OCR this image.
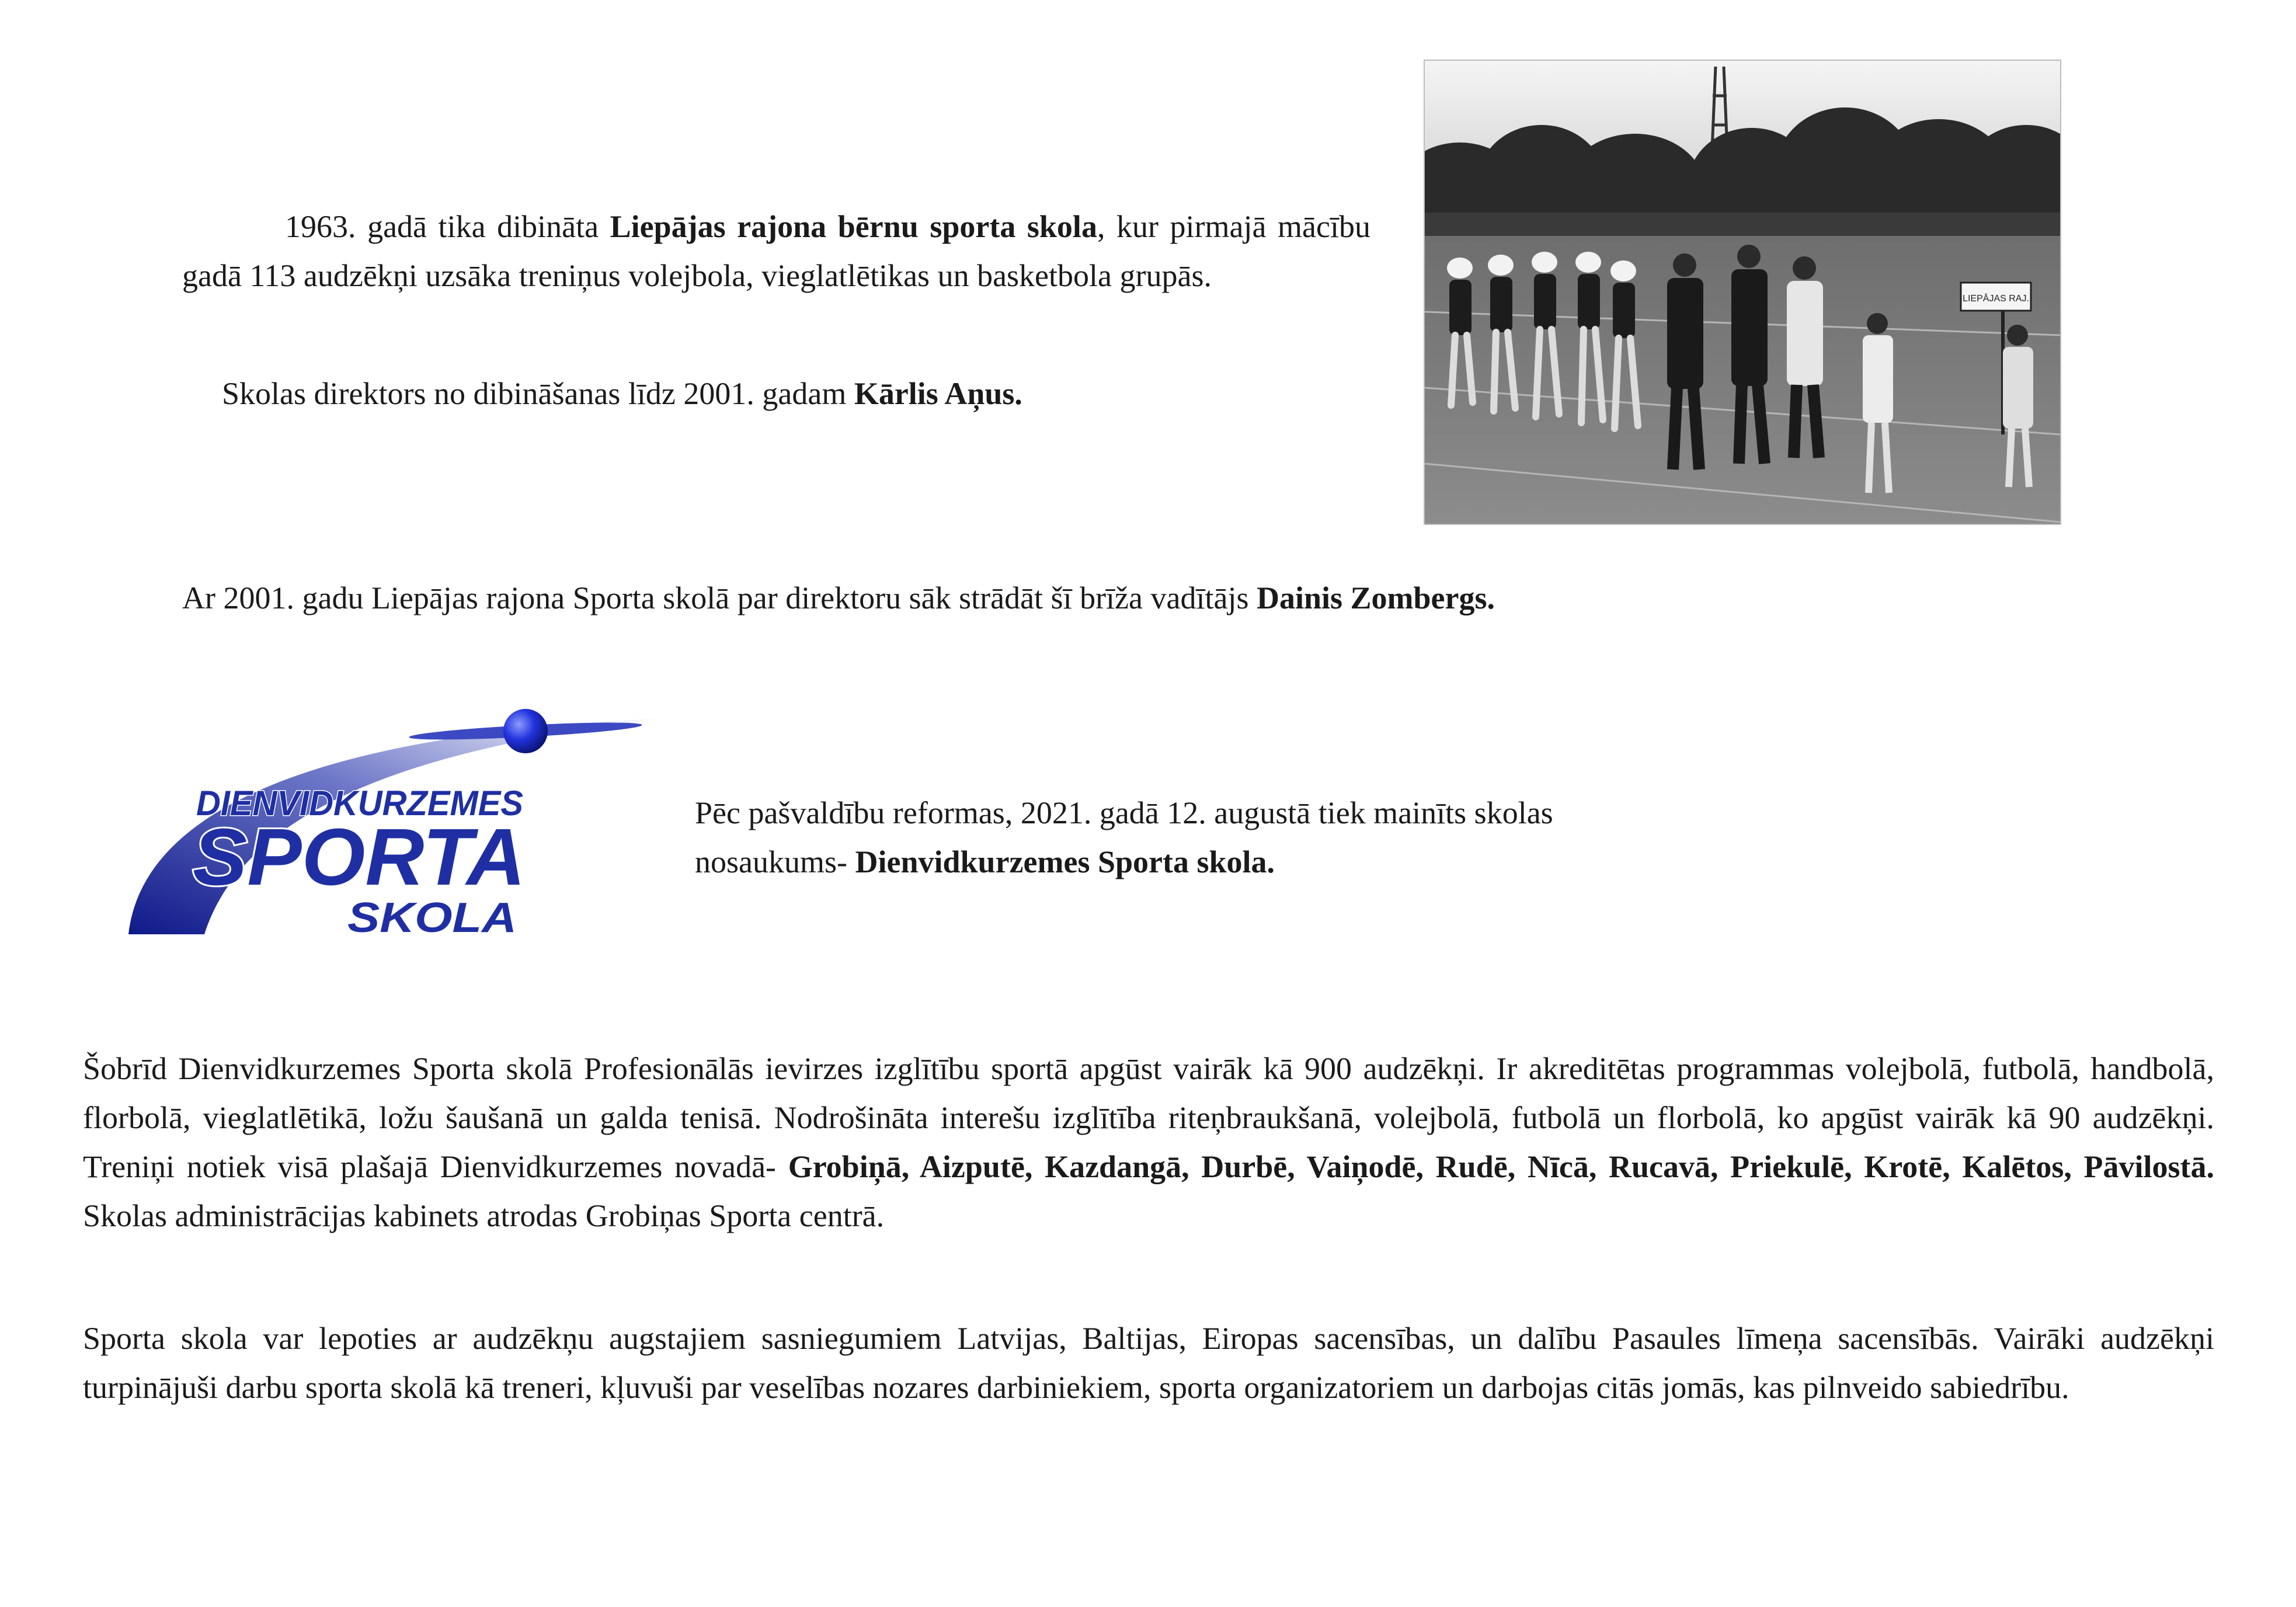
1963. gadā tika dibināta Liepājas rajona bērnu sporta skola, kur pirmajā mācību gadā 113 audzēkņi uzsāka treniņus volejbola, vieglatlētikas un basketbola grupās.

Skolas direktors no dibināšanas līdz 2001. gadam Kārlis Aņus.

LIEPĀJAS RAJ.

Ar 2001. gadu Liepājas rajona Sporta skolā par direktoru sāk strādāt šī brīža vadītājs Dainis Zombergs.

DIENVIDKURZEMES
SPORTA
SKOLA

Pēc pašvaldību reformas, 2021. gadā 12. augustā tiek mainīts skolas nosaukums- Dienvidkurzemes Sporta skola.

Šobrīd Dienvidkurzemes Sporta skolā Profesionālās ievirzes izglītību sportā apgūst vairāk kā 900 audzēkņi. Ir akreditētas programmas volejbolā, futbolā, handbolā, florbolā, vieglatlētikā, ložu šaušanā un galda tenisā. Nodrošināta interešu izglītība riteņbraukšanā, volejbolā, futbolā un florbolā, ko apgūst vairāk kā 90 audzēkņi. Treniņi notiek visā plašajā Dienvidkurzemes novadā- Grobiņā, Aizputē, Kazdangā, Durbē, Vaiņodē, Rudē, Nīcā, Rucavā, Priekulē, Krotē, Kalētos, Pāvilostā. Skolas administrācijas kabinets atrodas Grobiņas Sporta centrā.

Sporta skola var lepoties ar audzēkņu augstajiem sasniegumiem Latvijas, Baltijas, Eiropas sacensības, un dalību Pasaules līmeņa sacensībās. Vairāki audzēkņi turpinājuši darbu sporta skolā kā treneri, kļuvuši par veselības nozares darbiniekiem, sporta organizatoriem un darbojas citās jomās, kas pilnveido sabiedrību.
